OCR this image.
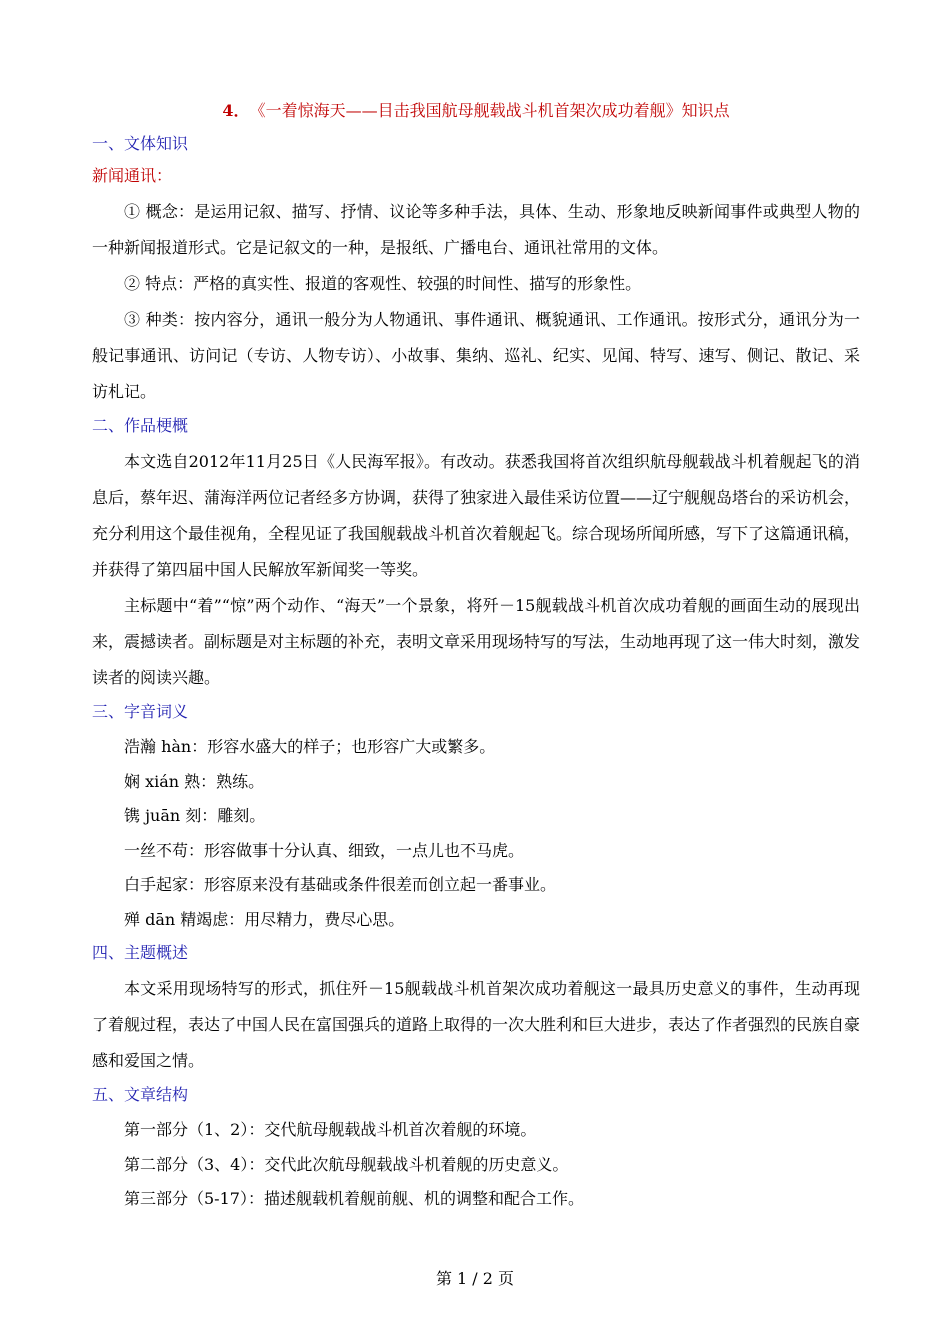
4． 《一着惊海天——目击我国航母舰载战斗机首架次成功着舰》知识点
一、文体知识
新闻通讯：

① 概念：是运用记叙、描写、抒情、议论等多种手法，具体、生动、形象地反映新闻事件或典型人物的一种新闻报道形式。它是记叙文的一种，是报纸、广播电台、通讯社常用的文体。

② 特点：严格的真实性、报道的客观性、较强的时间性、描写的形象性。

③ 种类：按内容分，通讯一般分为人物通讯、事件通讯、概貌通讯、工作通讯。按形式分，通讯分为一般记事通讯、访问记（专访、人物专访）、小故事、集纳、巡礼、纪实、见闻、特写、速写、侧记、散记、采访札记。

二、作品梗概

本文选自2012年11月25日《人民海军报》。有改动。获悉我国将首次组织航母舰载战斗机着舰起飞的消息后，蔡年迟、蒲海洋两位记者经多方协调，获得了独家进入最佳采访位置——辽宁舰舰岛塔台的采访机会，充分利用这个最佳视角，全程见证了我国舰载战斗机首次着舰起飞。综合现场所闻所感，写下了这篇通讯稿，并获得了第四届中国人民解放军新闻奖一等奖。

主标题中“着”“惊”两个动作、“海天”一个景象，将歼－15舰载战斗机首次成功着舰的画面生动的展现出来，震撼读者。副标题是对主标题的补充，表明文章采用现场特写的写法，生动地再现了这一伟大时刻，激发读者的阅读兴趣。

三、字音词义

浩瀚 hàn：形容水盛大的样子；也形容广大或繁多。

娴 xián 熟：熟练。

镌 juān 刻：雕刻。

一丝不苟：形容做事十分认真、细致，一点儿也不马虎。

白手起家：形容原来没有基础或条件很差而创立起一番事业。

殚 dān 精竭虑：用尽精力，费尽心思。

四、主题概述

本文采用现场特写的形式，抓住歼－15舰载战斗机首架次成功着舰这一最具历史意义的事件，生动再现了着舰过程，表达了中国人民在富国强兵的道路上取得的一次大胜利和巨大进步，表达了作者强烈的民族自豪感和爱国之情。

五、文章结构

第一部分（1、2）：交代航母舰载战斗机首次着舰的环境。

第二部分（3、4）：交代此次航母舰载战斗机着舰的历史意义。

第三部分（5-17）：描述舰载机着舰前舰、机的调整和配合工作。

第 1 / 2 页
